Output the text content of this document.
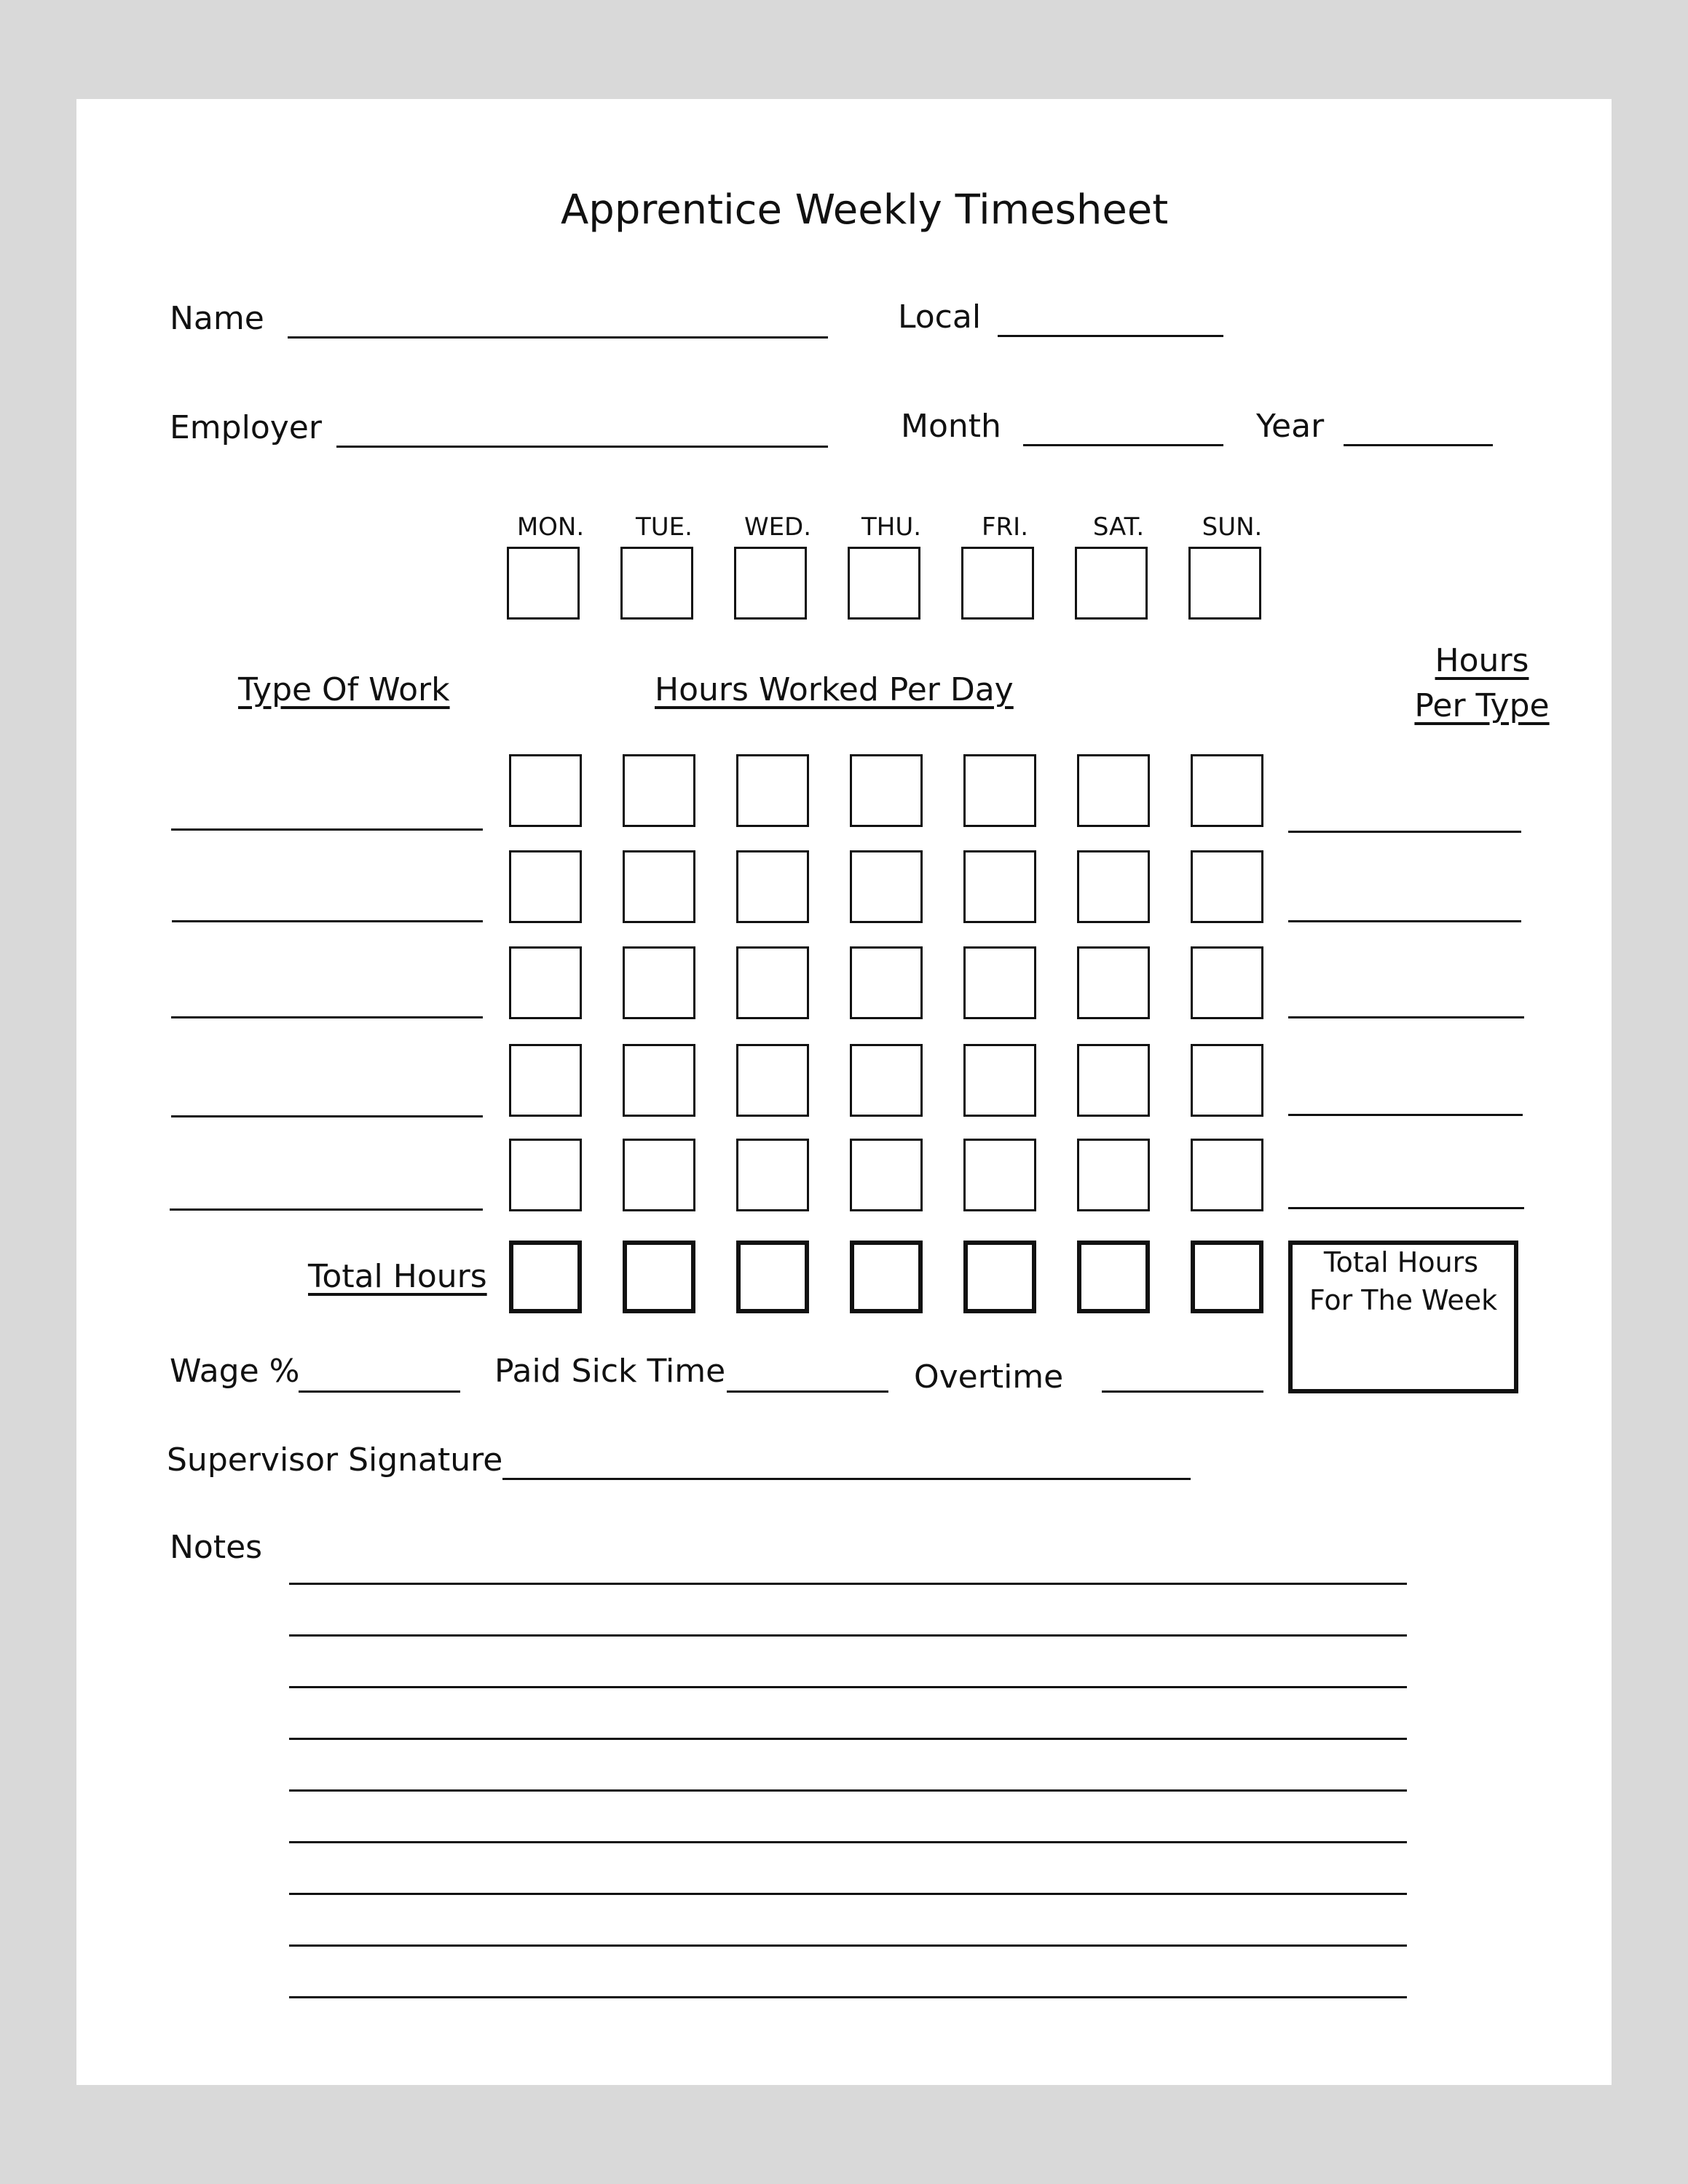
Apprentice Weekly Timesheet
Name	Local
Employer	Month	Year
MON.	TUE.	WED.	THU.	FRI.	SAT.	SUN.
Type Of Work	Hours Worked Per Day
Hours
Per Type
Total Hours	Total Hours
For The Week
Wage %	Paid Sick Time	Overtime
Supervisor Signature
Notes
